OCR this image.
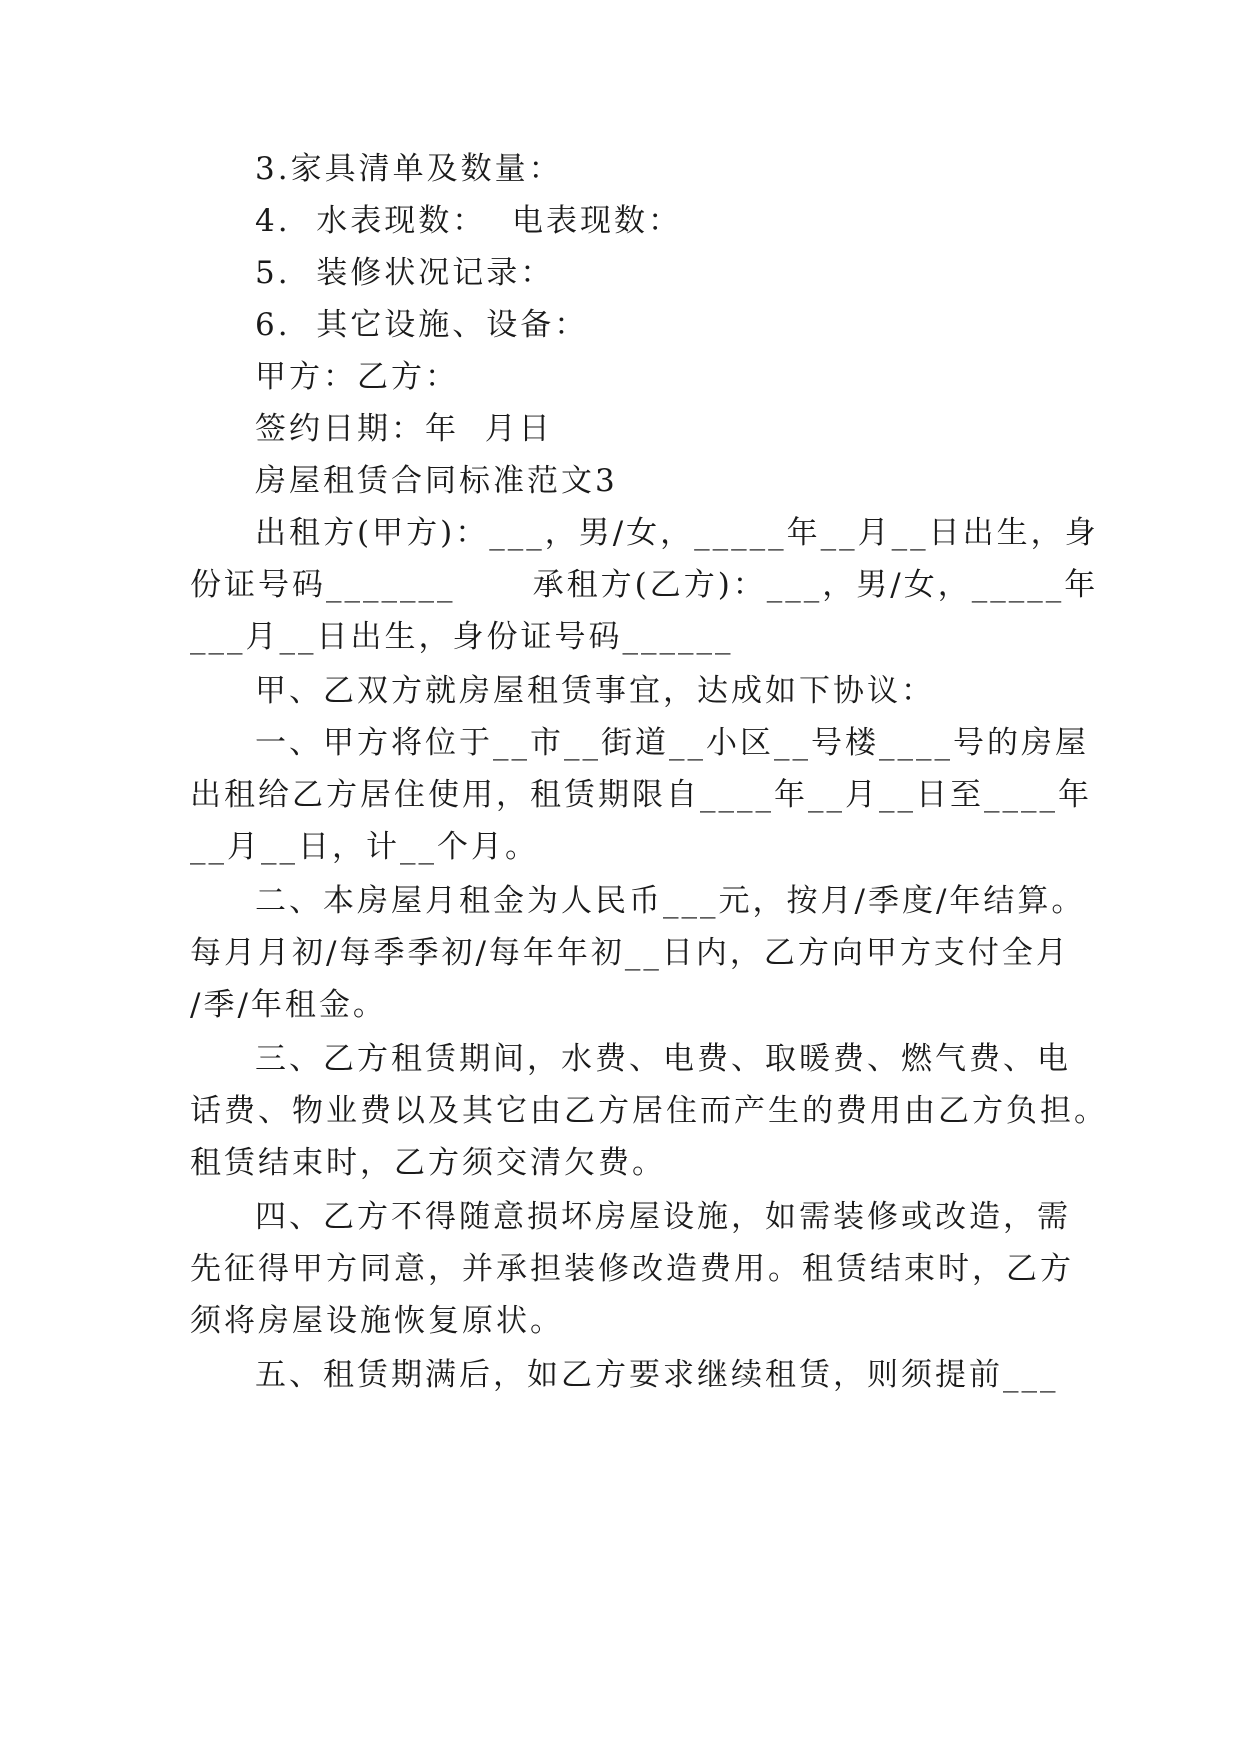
3.家具清单及数量：

4.  水表现数：  电表现数：

5.  装修状况记录：

6.  其它设施、设备：

甲方：乙方：

签约日期：年  月日

房屋租赁合同标准范文3

出租方(甲方)：___，男/女，_____年__月__日出生，身

份证号码_______      承租方(乙方)：___，男/女，_____年

___月__日出生，身份证号码______

甲、乙双方就房屋租赁事宜，达成如下协议：

一、甲方将位于__市__街道__小区__号楼____号的房屋

出租给乙方居住使用，租赁期限自____年__月__日至____年

__月__日，计__个月。

二、本房屋月租金为人民币___元，按月/季度/年结算。

每月月初/每季季初/每年年初__日内，乙方向甲方支付全月

/季/年租金。

三、乙方租赁期间，水费、电费、取暖费、燃气费、电

话费、物业费以及其它由乙方居住而产生的费用由乙方负担。

租赁结束时，乙方须交清欠费。

四、乙方不得随意损坏房屋设施，如需装修或改造，需

先征得甲方同意，并承担装修改造费用。租赁结束时，乙方

须将房屋设施恢复原状。

五、租赁期满后，如乙方要求继续租赁，则须提前___
